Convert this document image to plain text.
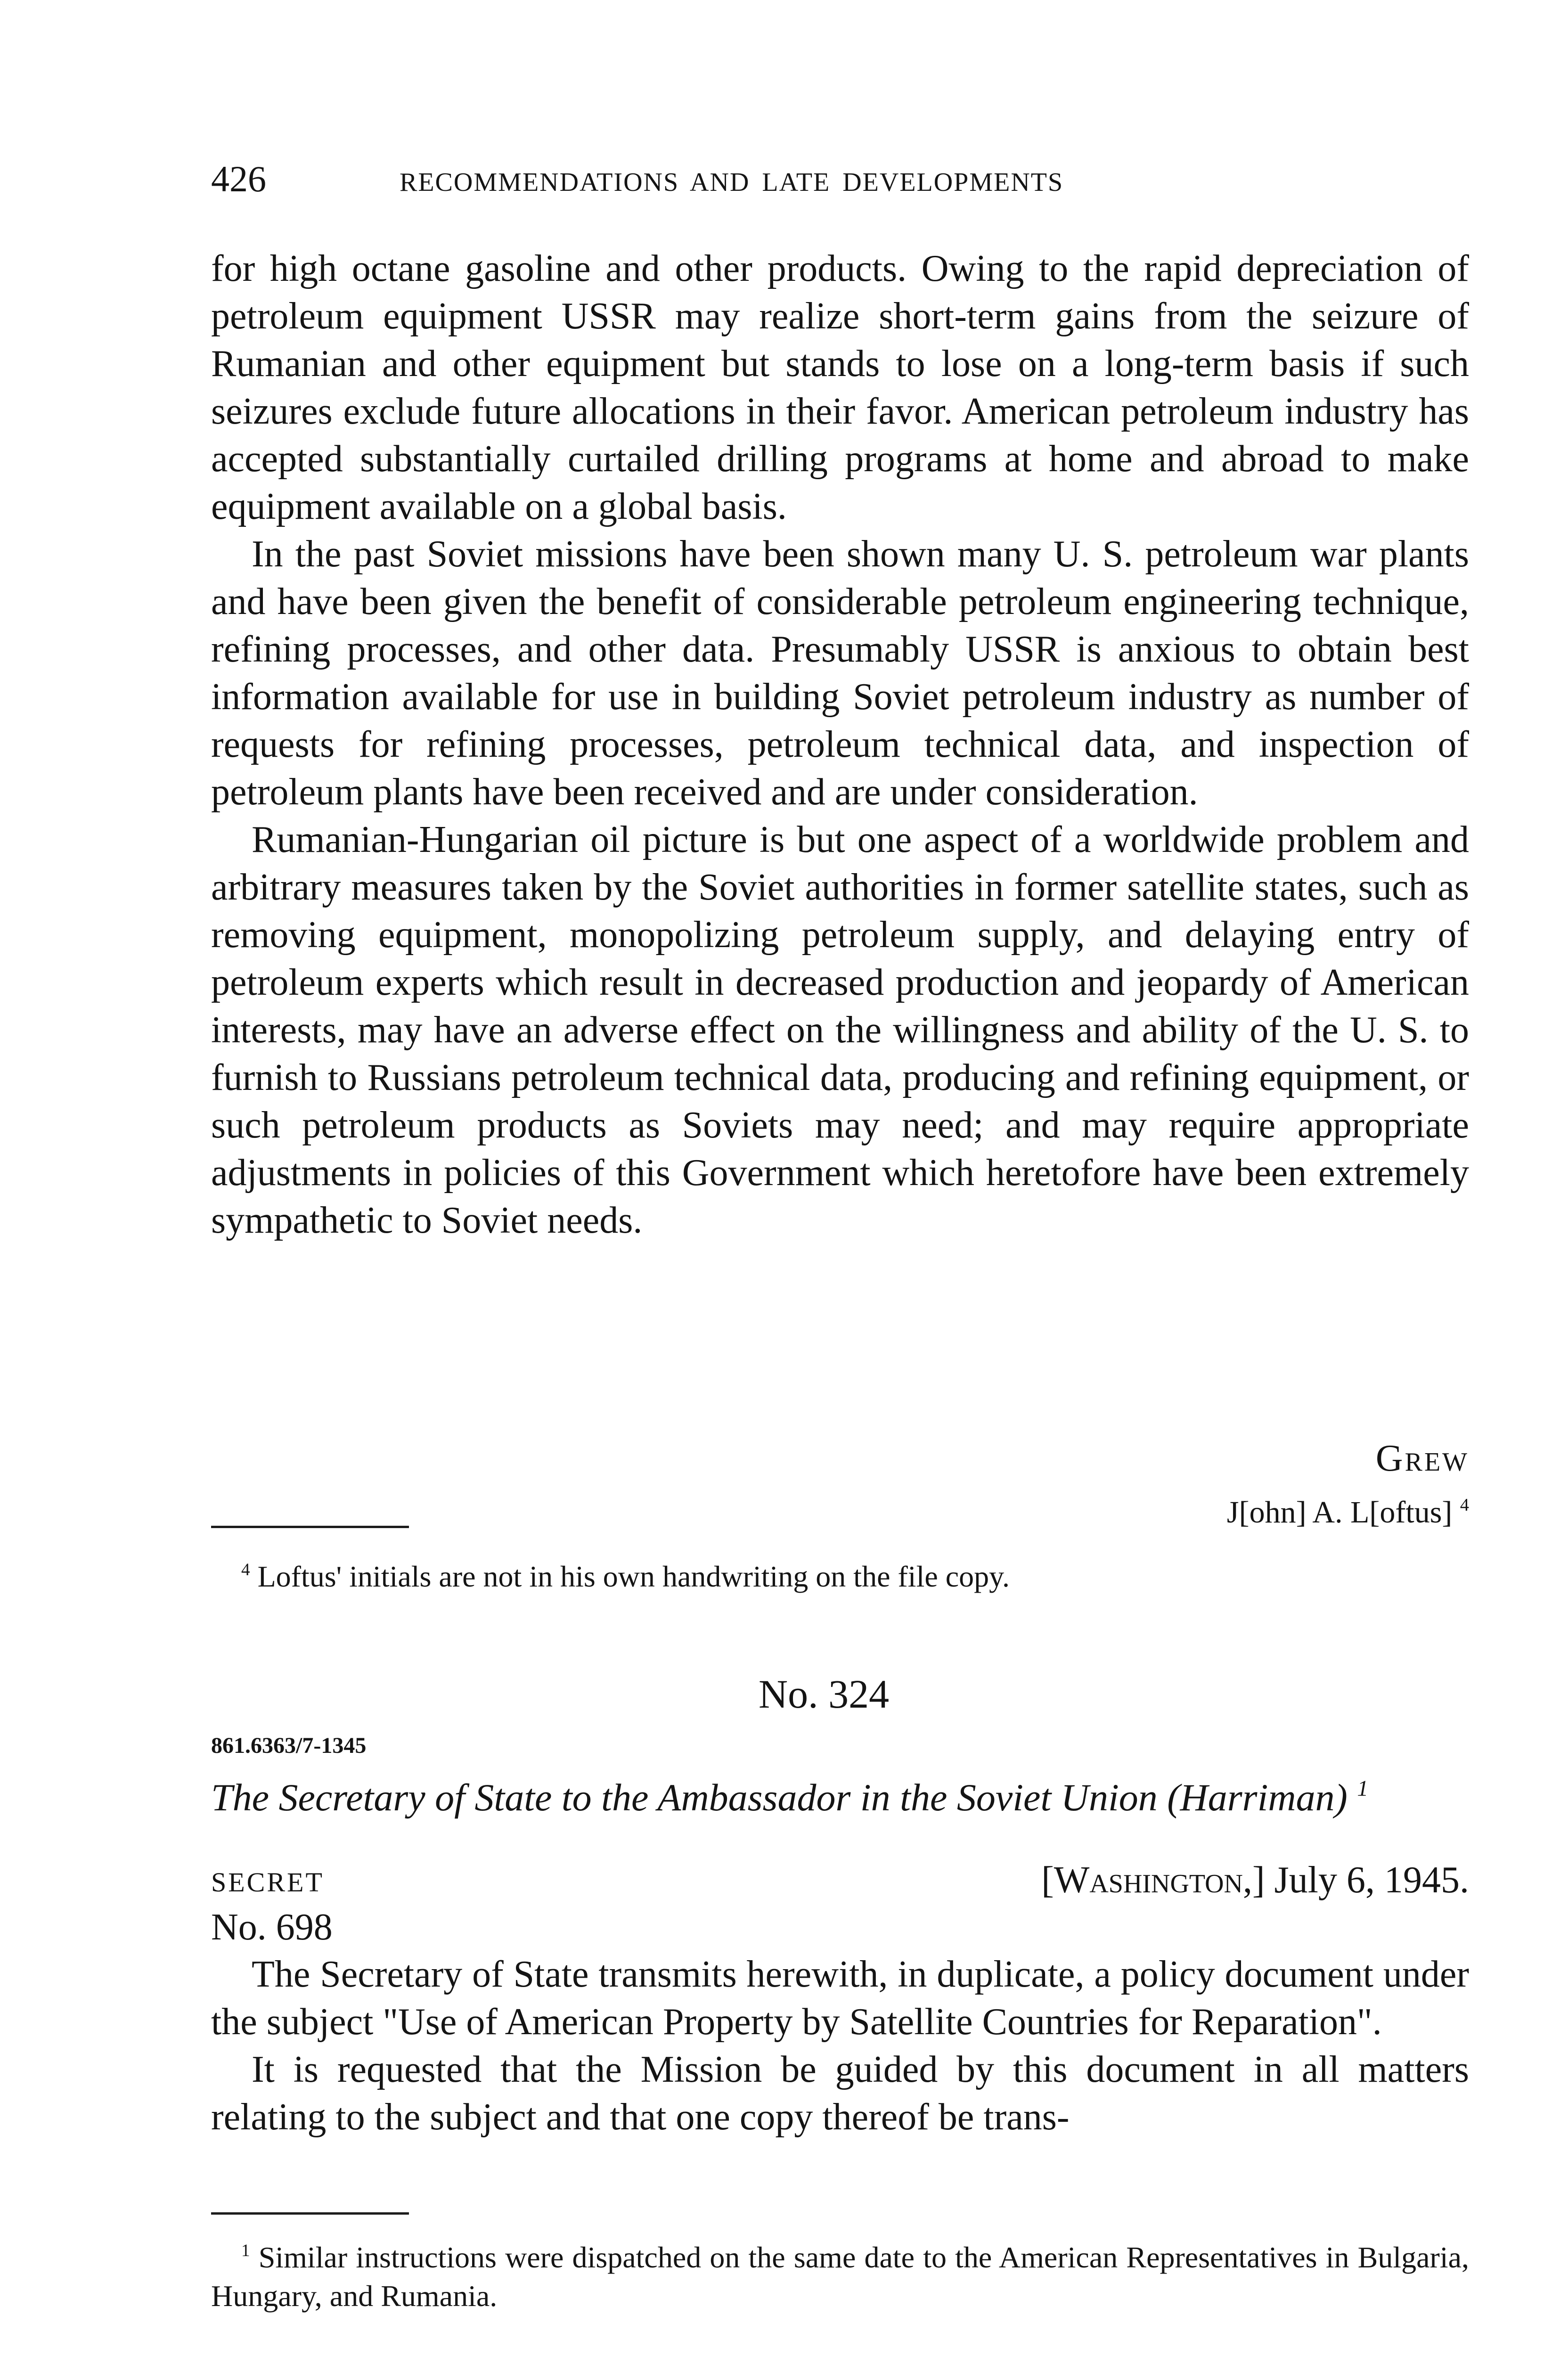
426	RECOMMENDATIONS AND LATE DEVELOPMENTS

for high octane gasoline and other products. Owing to the rapid depreciation of petroleum equipment USSR may realize short-term gains from the seizure of Rumanian and other equipment but stands to lose on a long-term basis if such seizures exclude future allocations in their favor. American petroleum industry has accepted substantially curtailed drilling programs at home and abroad to make equipment available on a global basis.

In the past Soviet missions have been shown many U. S. petroleum war plants and have been given the benefit of considerable petroleum engineering technique, refining processes, and other data. Presumably USSR is anxious to obtain best information available for use in building Soviet petroleum industry as number of requests for refining processes, petroleum technical data, and inspection of petroleum plants have been received and are under consideration.

Rumanian-Hungarian oil picture is but one aspect of a worldwide problem and arbitrary measures taken by the Soviet authorities in former satellite states, such as removing equipment, monopolizing petroleum supply, and delaying entry of petroleum experts which result in decreased production and jeopardy of American interests, may have an adverse effect on the willingness and ability of the U. S. to furnish to Russians petroleum technical data, producing and refining equipment, or such petroleum products as Soviets may need; and may require appropriate adjustments in policies of this Government which heretofore have been extremely sympathetic to Soviet needs.

Grew
J[ohn] A. L[oftus] $^4$

$^4$ Loftus' initials are not in his own handwriting on the file copy.

No. 324
861.6363/7-1345

The Secretary of State to the Ambassador in the Soviet Union (Harriman) $^1$

SECRET	[Washington,] July 6, 1945.
No. 698

The Secretary of State transmits herewith, in duplicate, a policy document under the subject "Use of American Property by Satellite Countries for Reparation".

It is requested that the Mission be guided by this document in all matters relating to the subject and that one copy thereof be trans-

$^1$ Similar instructions were dispatched on the same date to the American Representatives in Bulgaria, Hungary, and Rumania.
